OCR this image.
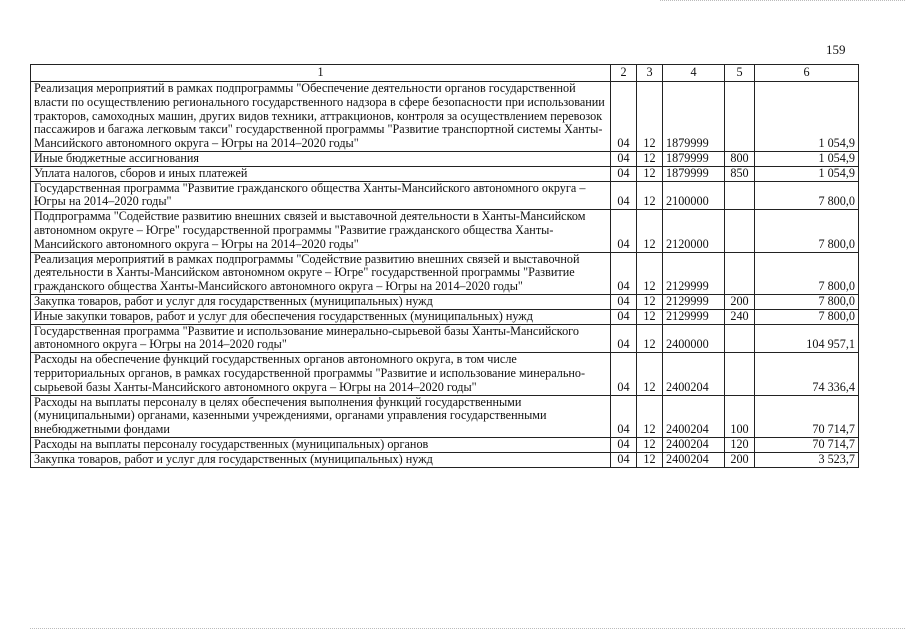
159
1	2	3	4	5	6
Реализация мероприятий в рамках подпрограммы "Обеспечение деятельности органов государственной власти по осуществлению регионального государственного надзора в сфере безопасности при использовании тракторов, самоходных машин, других видов техники, аттракционов, контроля за осуществлением перевозок пассажиров и багажа легковым такси" государственной программы "Развитие транспортной системы Ханты-Мансийского автономного округа – Югры на 2014–2020 годы"	04	12	1879999		1 054,9
Иные бюджетные ассигнования	04	12	1879999	800	1 054,9
Уплата налогов, сборов и иных платежей	04	12	1879999	850	1 054,9
Государственная программа "Развитие гражданского общества Ханты-Мансийского автономного округа – Югры на 2014–2020 годы"	04	12	2100000		7 800,0
Подпрограмма "Содействие развитию внешних связей и выставочной деятельности в Ханты-Мансийском автономном округе – Югре" государственной программы "Развитие гражданского общества Ханты-Мансийского автономного округа – Югры на 2014–2020 годы"	04	12	2120000		7 800,0
Реализация мероприятий в рамках подпрограммы "Содействие развитию внешних связей и выставочной деятельности в Ханты-Мансийском автономном округе – Югре" государственной программы "Развитие гражданского общества Ханты-Мансийского автономного округа – Югры на 2014–2020 годы"	04	12	2129999		7 800,0
Закупка товаров, работ и услуг для государственных (муниципальных) нужд	04	12	2129999	200	7 800,0
Иные закупки товаров, работ и услуг для обеспечения государственных (муниципальных) нужд	04	12	2129999	240	7 800,0
Государственная программа "Развитие и использование минерально-сырьевой базы Ханты-Мансийского автономного округа – Югры на 2014–2020 годы"	04	12	2400000		104 957,1
Расходы на обеспечение функций государственных органов автономного округа, в том числе территориальных органов, в рамках государственной программы "Развитие и использование минерально-сырьевой базы Ханты-Мансийского автономного округа – Югры на 2014–2020 годы"	04	12	2400204		74 336,4
Расходы на выплаты персоналу в целях обеспечения выполнения функций государственными (муниципальными) органами, казенными учреждениями, органами управления государственными внебюджетными фондами	04	12	2400204	100	70 714,7
Расходы на выплаты персоналу государственных (муниципальных) органов	04	12	2400204	120	70 714,7
Закупка товаров, работ и услуг для государственных (муниципальных) нужд	04	12	2400204	200	3 523,7
